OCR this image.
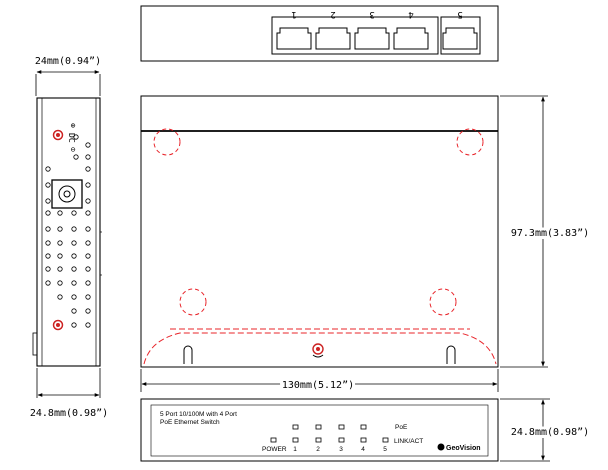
1	2	3	4	5
24mm(0.94”)
DC
⊕
⊖
24.8mm(0.98”)
97.3mm(3.83”)
130mm(5.12”)
5 Port 10/100M with 4 Port
PoE Ethernet Switch
PoE
LINK/ACT
POWER 1	2	3	4	5	GeoVision
24.8mm(0.98”)
